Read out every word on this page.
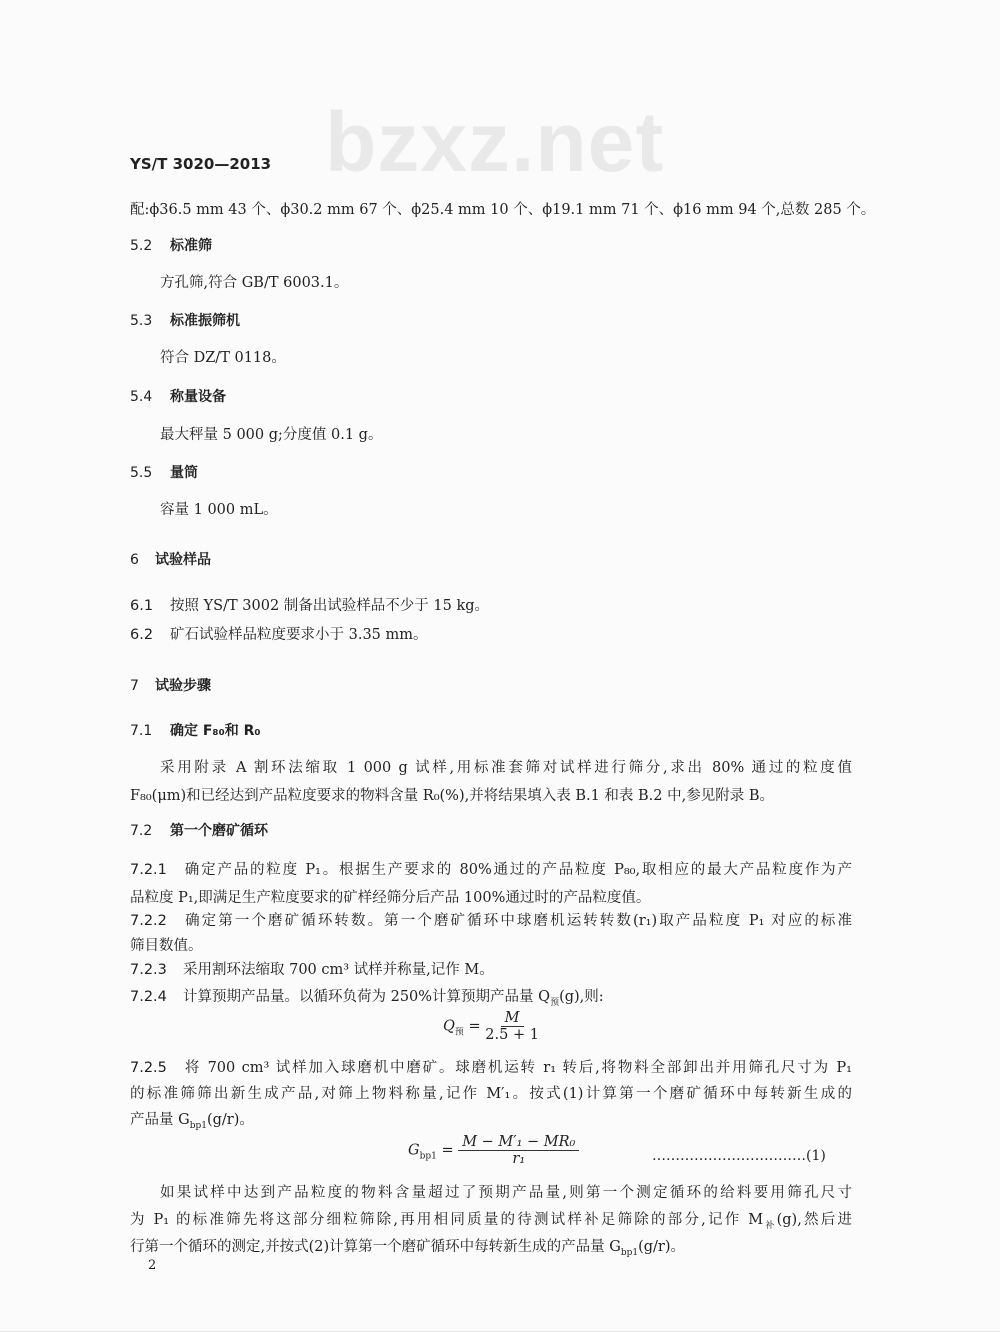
bzxz.net
YS/T 3020—2013
配:ϕ36.5 mm 43 个、ϕ30.2 mm 67 个、ϕ25.4 mm 10 个、ϕ19.1 mm 71 个、ϕ16 mm 94 个,总数 285 个。
5.2 标准筛
方孔筛,符合 GB/T 6003.1。
5.3 标准振筛机
符合 DZ/T 0118。
5.4 称量设备
最大秤量 5 000 g;分度值 0.1 g。
5.5 量筒
容量 1 000 mL。
6 试验样品
6.1 按照 YS/T 3002 制备出试验样品不少于 15 kg。
6.2 矿石试验样品粒度要求小于 3.35 mm。
7 试验步骤
7.1 确定 F₈₀和 R₀
采用附录 A 割环法缩取 1 000 g 试样,用标准套筛对试样进行筛分,求出 80% 通过的粒度值
F₈₀(μm)和已经达到产品粒度要求的物料含量 R₀(%),并将结果填入表 B.1 和表 B.2 中,参见附录 B。
7.2 第一个磨矿循环
7.2.1 确定产品的粒度 P₁。根据生产要求的 80%通过的产品粒度 P₈₀,取相应的最大产品粒度作为产
品粒度 P₁,即满足生产粒度要求的矿样经筛分后产品 100%通过时的产品粒度值。
7.2.2 确定第一个磨矿循环转数。第一个磨矿循环中球磨机运转转数(r₁)取产品粒度 P₁ 对应的标准
筛目数值。
7.2.3 采用割环法缩取 700 cm³ 试样并称量,记作 M。
7.2.4 计算预期产品量。以循环负荷为 250%计算预期产品量 $Q_预(g)$,则:
$Q_预 = \frac{M}{2.5 + 1}$
7.2.5 将 700 cm³ 试样加入球磨机中磨矿。球磨机运转 r₁ 转后,将物料全部卸出并用筛孔尺寸为 P₁
的标准筛筛出新生成产品,对筛上物料称量,记作 M′₁。按式(1)计算第一个磨矿循环中每转新生成的
产品量 $G_{bp1}(g/r)$。
$G_{bp1} = \frac{\text{M − M′₁ − MR₀}}{\text{r₁}}$	……………………………(1)
如果试样中达到产品粒度的物料含量超过了预期产品量,则第一个测定循环的给料要用筛孔尺寸
为 P₁ 的标准筛先将这部分细粒筛除,再用相同质量的待测试样补足筛除的部分,记作 $M_补(g)$,然后进
行第一个循环的测定,并按式(2)计算第一个磨矿循环中每转新生成的产品量 $G_{bp1}(g/r)$。
2
